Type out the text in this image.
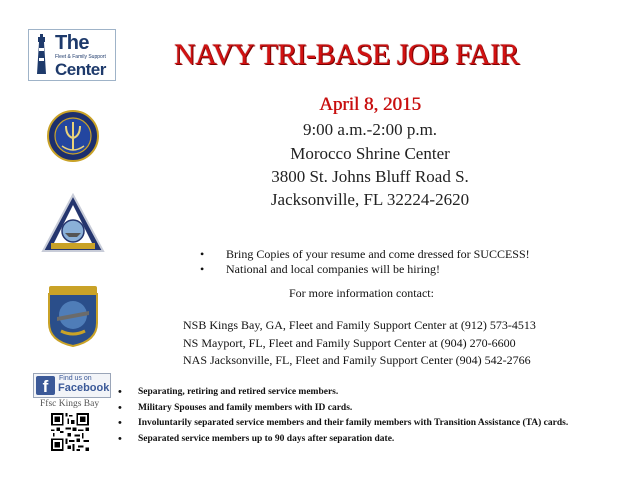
The
Fleet & Family Support
Center NAVY TRI-BASE JOB FAIR
April 8, 2015
9:00 a.m.-2:00 p.m.
Morocco Shrine Center
3800 St. Johns Bluff Road S.
Jacksonville, FL 32224-2620
• Bring Copies of your resume and come dressed for SUCCESS!
• National and local companies will be hiring!
For more information contact:
NSB Kings Bay, GA, Fleet and Family Support Center at (912) 573-4513
NS Mayport, FL, Fleet and Family Support Center at (904) 270-6600
NAS Jacksonville, FL, Fleet and Family Support Center (904) 542-2766
f	Find us on
Facebook
Ffsc Kings Bay
• Separating, retiring and retired service members.
• Military Spouses and family members with ID cards.
• Involuntarily separated service members and their family members with Transition Assistance (TA) cards.
• Separated service members up to 90 days after separation date.
